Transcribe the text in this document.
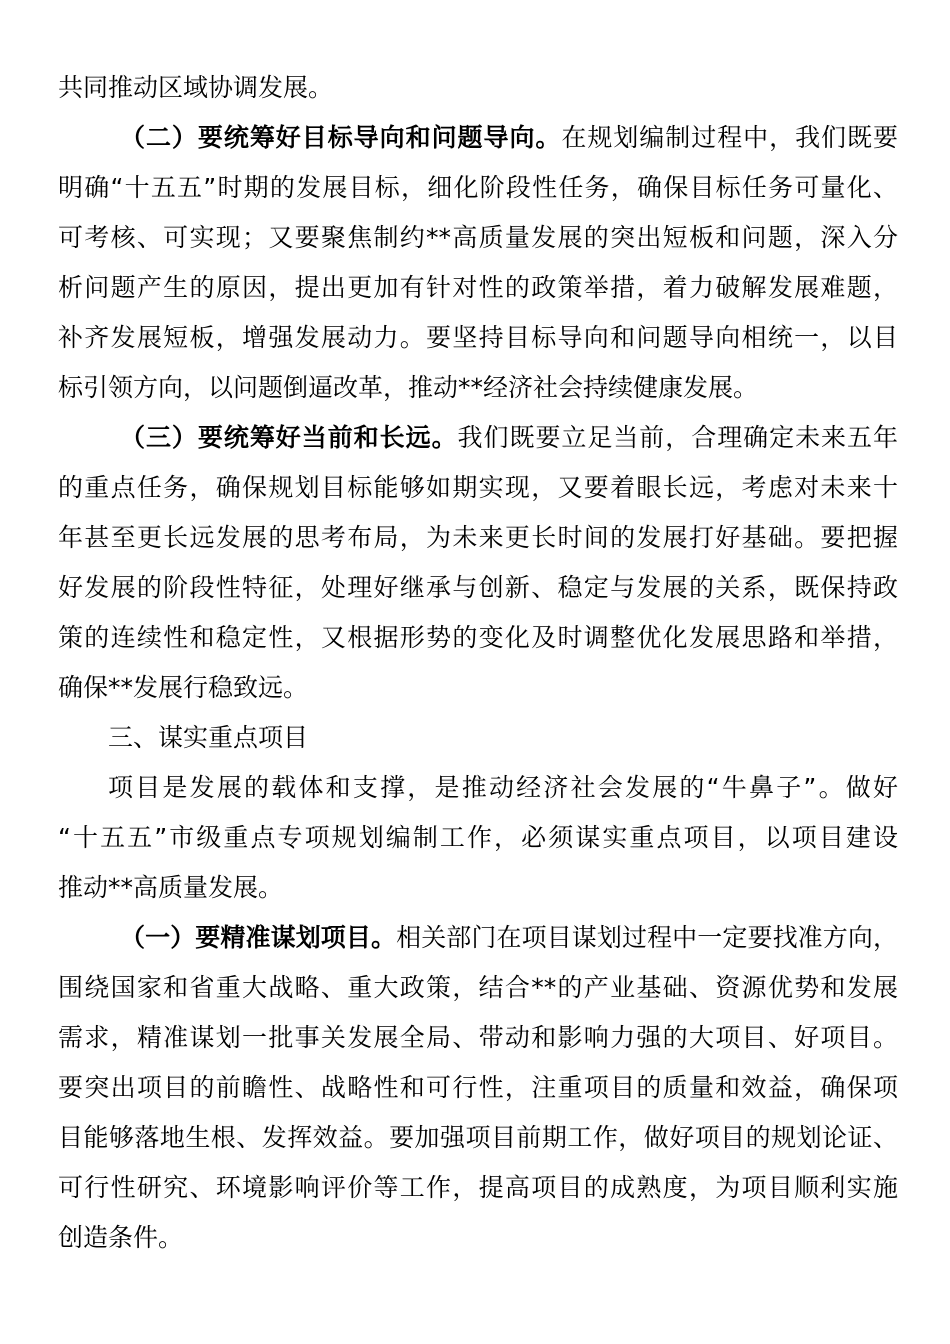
共同推动区域协调发展。
（二）要统筹好目标导向和问题导向。在规划编制过程中，我们既要
明确“十五五”时期的发展目标，细化阶段性任务，确保目标任务可量化、
可考核、可实现；又要聚焦制约**高质量发展的突出短板和问题，深入分
析问题产生的原因，提出更加有针对性的政策举措，着力破解发展难题，
补齐发展短板，增强发展动力。要坚持目标导向和问题导向相统一，以目
标引领方向，以问题倒逼改革，推动**经济社会持续健康发展。
（三）要统筹好当前和长远。我们既要立足当前，合理确定未来五年
的重点任务，确保规划目标能够如期实现，又要着眼长远，考虑对未来十
年甚至更长远发展的思考布局，为未来更长时间的发展打好基础。要把握
好发展的阶段性特征，处理好继承与创新、稳定与发展的关系，既保持政
策的连续性和稳定性，又根据形势的变化及时调整优化发展思路和举措，
确保**发展行稳致远。
三、谋实重点项目
项目是发展的载体和支撑，是推动经济社会发展的“牛鼻子”。做好
“十五五”市级重点专项规划编制工作，必须谋实重点项目，以项目建设
推动**高质量发展。
（一）要精准谋划项目。相关部门在项目谋划过程中一定要找准方向，
围绕国家和省重大战略、重大政策，结合**的产业基础、资源优势和发展
需求，精准谋划一批事关发展全局、带动和影响力强的大项目、好项目。
要突出项目的前瞻性、战略性和可行性，注重项目的质量和效益，确保项
目能够落地生根、发挥效益。要加强项目前期工作，做好项目的规划论证、
可行性研究、环境影响评价等工作，提高项目的成熟度，为项目顺利实施
创造条件。
